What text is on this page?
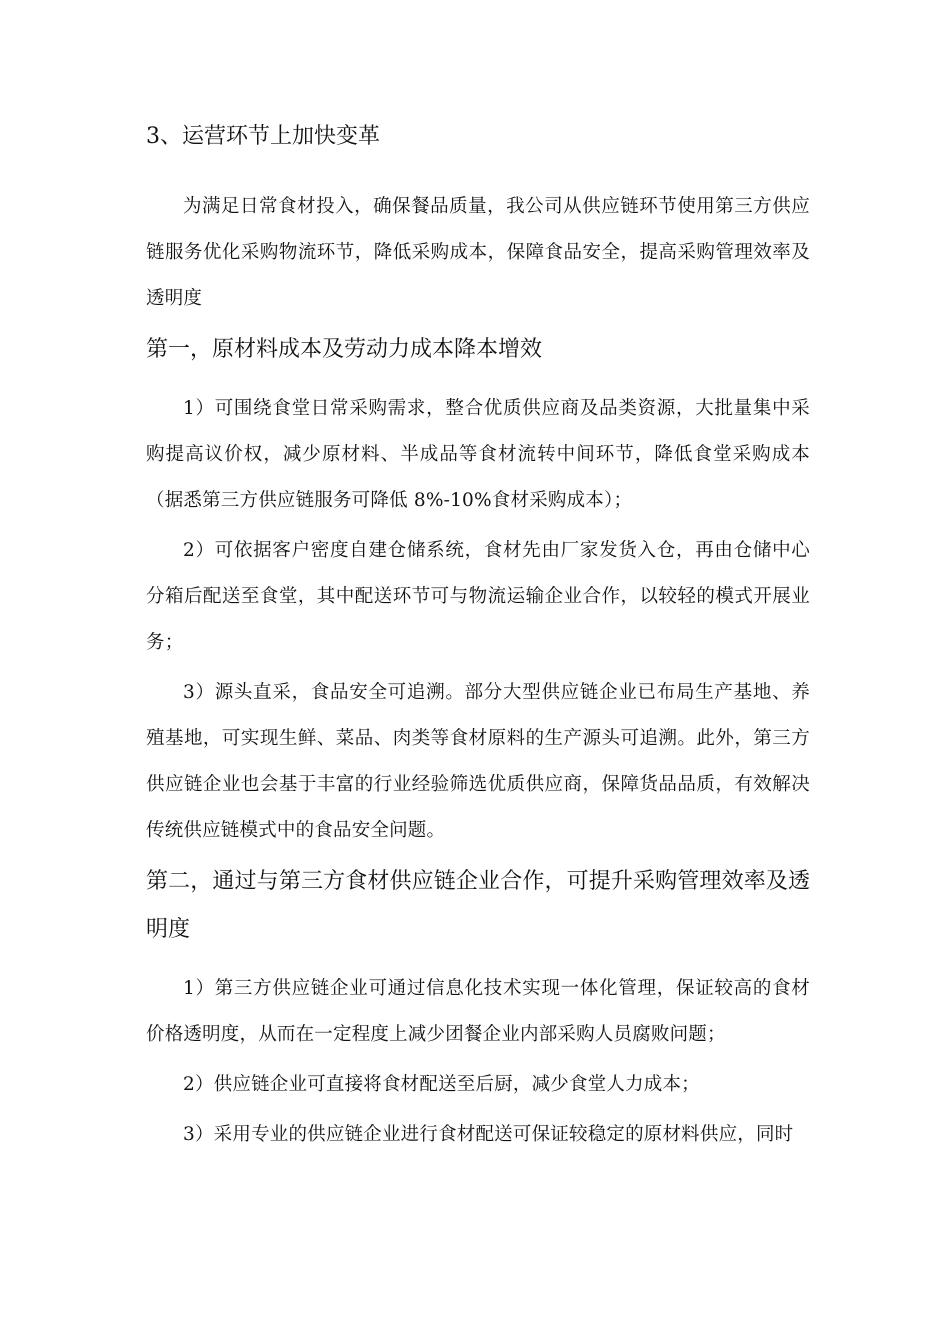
3、运营环节上加快变革

为满足日常食材投入，确保餐品质量，我公司从供应链环节使用第三方供应链服务优化采购物流环节，降低采购成本，保障食品安全，提高采购管理效率及透明度

第一，原材料成本及劳动力成本降本增效

1）可围绕食堂日常采购需求，整合优质供应商及品类资源，大批量集中采购提高议价权，减少原材料、半成品等食材流转中间环节，降低食堂采购成本（据悉第三方供应链服务可降低 8%-10%食材采购成本）；

2）可依据客户密度自建仓储系统，食材先由厂家发货入仓，再由仓储中心分箱后配送至食堂，其中配送环节可与物流运输企业合作，以较轻的模式开展业务；

3）源头直采，食品安全可追溯。部分大型供应链企业已布局生产基地、养殖基地，可实现生鲜、菜品、肉类等食材原料的生产源头可追溯。此外，第三方供应链企业也会基于丰富的行业经验筛选优质供应商，保障货品品质，有效解决传统供应链模式中的食品安全问题。

第二，通过与第三方食材供应链企业合作，可提升采购管理效率及透明度

1）第三方供应链企业可通过信息化技术实现一体化管理，保证较高的食材价格透明度，从而在一定程度上减少团餐企业内部采购人员腐败问题；

2）供应链企业可直接将食材配送至后厨，减少食堂人力成本；

3）采用专业的供应链企业进行食材配送可保证较稳定的原材料供应，同时
